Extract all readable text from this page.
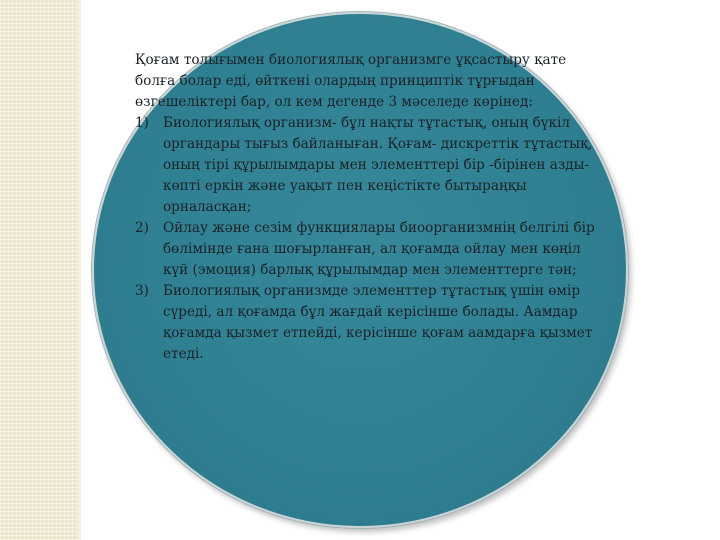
Қоғам толығымен биологиялық организмге ұқсастыру қате болға болар еді, өйткені олардың принциптік тұрғыдан өзгешеліктері бар, ол кем дегенде 3 мәселеде көрінед:

1) Биологиялық организм- бұл нақты тұтастық, оның бүкіл органдары тығыз байланыған. Қоғам- дискреттік тұтастық, оның тірі құрылымдары мен элементтері бір -бірінен азды-көпті еркін және уақыт пен кеңістікте бытыраңқы орналасқан;
2) Ойлау және сезім функциялары биоорганизмнің белгілі бір бөлімінде ғана шоғырланған, ал қоғамда ойлау мен көңіл күй (эмоция) барлық құрылымдар мен элементтерге тән;
3) Биологиялық организмде элементтер тұтастық үшін өмір сүреді, ал қоғамда бұл жағдай керісінше болады. Аамдар қоғамда қызмет етпейді, керісінше қоғам аамдарға қызмет етеді.
